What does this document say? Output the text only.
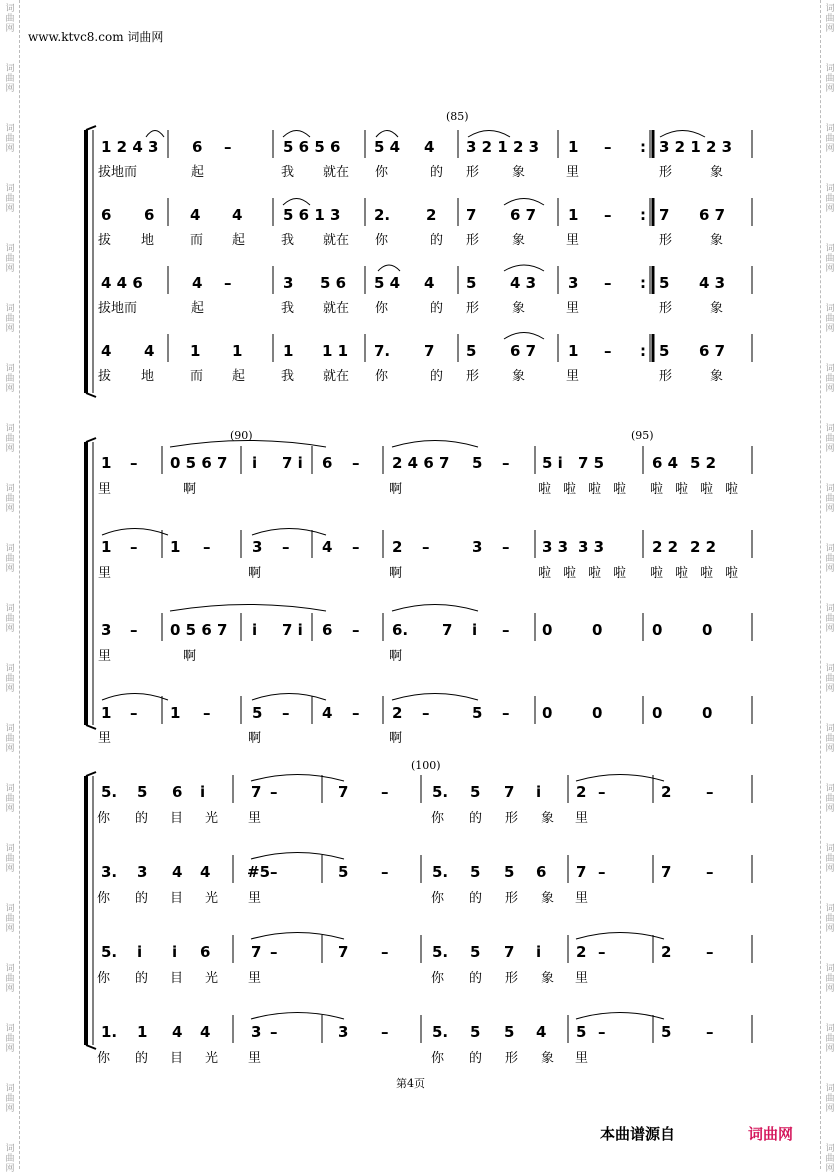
词
曲
网
词
曲
网
词
曲
网
词
曲
网
词
曲
网
词
曲
网
词
曲
网
词
曲
网
词
曲
网
词
曲
网
词
曲
网
词
曲
网
词
曲
网
词
曲
网
词
曲
网
词
曲
网
词
曲
网
词
曲
网
词
曲
网
词
曲
网
词
曲
网
词
曲
网
词
曲
网
词
曲
网
词
曲
网
词
曲
网
词
曲
网
词
曲
网
词
曲
网
词
曲
网
词
曲
网
词
曲
网
词
曲
网
词
曲
网
词
曲
网
词
曲
网
词
曲
网
词
曲
网
词
曲
网
词
曲
网
www.ktvc8.com 词曲网
(85)
1 2 4 3 6 –	5 6 5 6 5 4 4 3 2 1 2 3 1 – : 3 2 1 2 3
拔地而	起	我 就在 你	的 形	象	里	形	象
6 6 4 4	5 6 1 3 2. 2 7 6 7 1 – : 7 6 7
拔 地	而 起	我 就在 你	的 形	象	里	形	象
4 4 6	4 –	3 5 6 5 4 4 5 4 3 3 – : 5 4 3
拔地而	起	我 就在 你	的 形	象	里	形	象
4 4 1 1	1 1 1 7. 7 5 6 7 1 – : 5 6 7
拔 地	而 起	我 就在 你	的 形	象	里	形	象
(90)	(95)
1 – 0 5 6 7 i 7 i 6 – 2 4 6 7 5 – 5 i 7 5	6 4 5 2
里	啊	啊	啦 啦 啦 啦 啦 啦 啦 啦
1 – 1 –	3 – 4 – 2 –	3 – 3 3 3 3	2 2 2 2
里	啊	啊	啦 啦 啦 啦 啦 啦 啦 啦
3 – 0 5 6 7 i 7 i 6 – 6. 7 i – 0	0	0	0
里	啊	啊
1 – 1 –	5 – 4 – 2 –	5 – 0	0	0	0
里	啊	啊
(100)
5. 5 6 i	7 –	7 –	5. 5 7 i 2 –	2 –
你 的 目 光 里	你 的 形 象 里
3. 3 4 4 #5 –	5 –	5. 5 5 6 7 –	7 –
你 的 目 光 里	你 的 形 象 里
5. i i 6	7 –	7 –	5. 5 7 i 2 –	2 –
你 的 目 光 里	你 的 形 象 里
1. 1 4 4	3 –	3 –	5. 5 5 4 5 –	5 –
你 的 目 光 里	你 的 形 象 里
第4页
本曲谱源自	词曲网
